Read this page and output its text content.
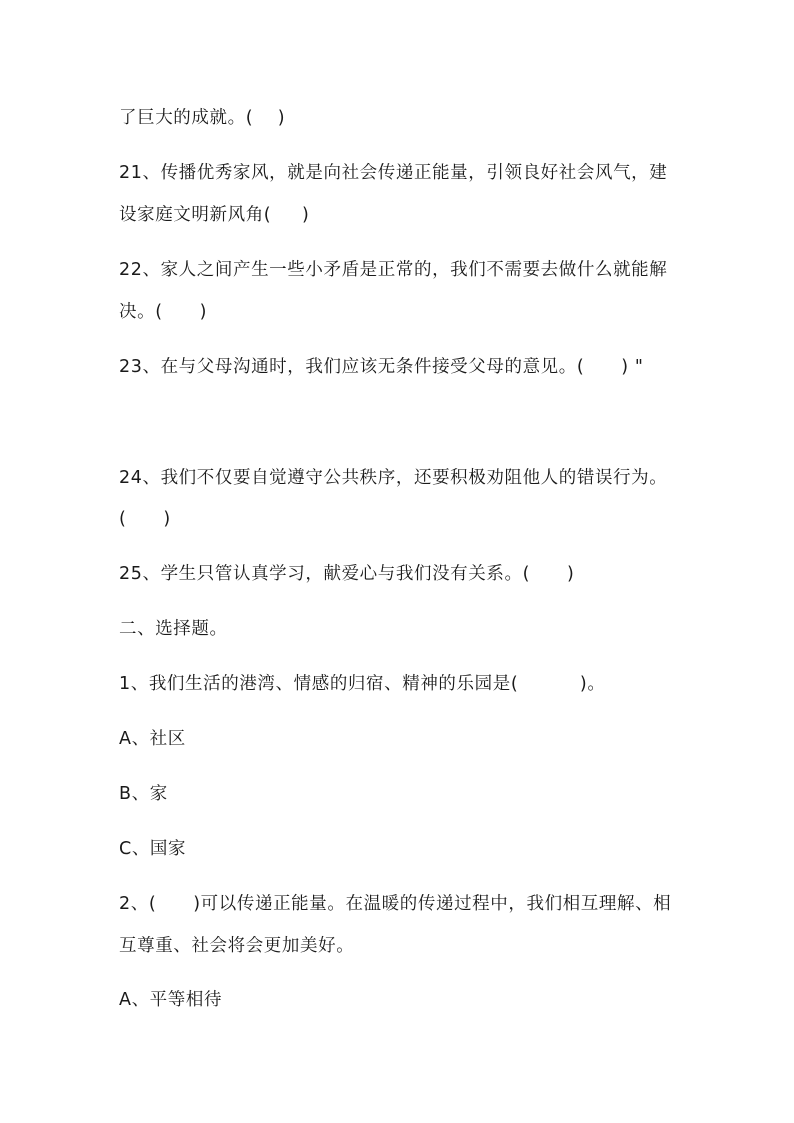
了巨大的成就。(    )

21、传播优秀家风，就是向社会传递正能量，引领良好社会风气，建

设家庭文明新风角(     )

22、家人之间产生一些小矛盾是正常的，我们不需要去做什么就能解

决。(      )

23、在与父母沟通时，我们应该无条件接受父母的意见。(      ) "

24、我们不仅要自觉遵守公共秩序，还要积极劝阻他人的错误行为。

(      )

25、学生只管认真学习，献爱心与我们没有关系。(      )

二、选择题。

1、我们生活的港湾、情感的归宿、精神的乐园是(          )。

A、社区

B、家

C、国家

2、(      )可以传递正能量。在温暖的传递过程中，我们相互理解、相

互尊重、社会将会更加美好。

A、平等相待
